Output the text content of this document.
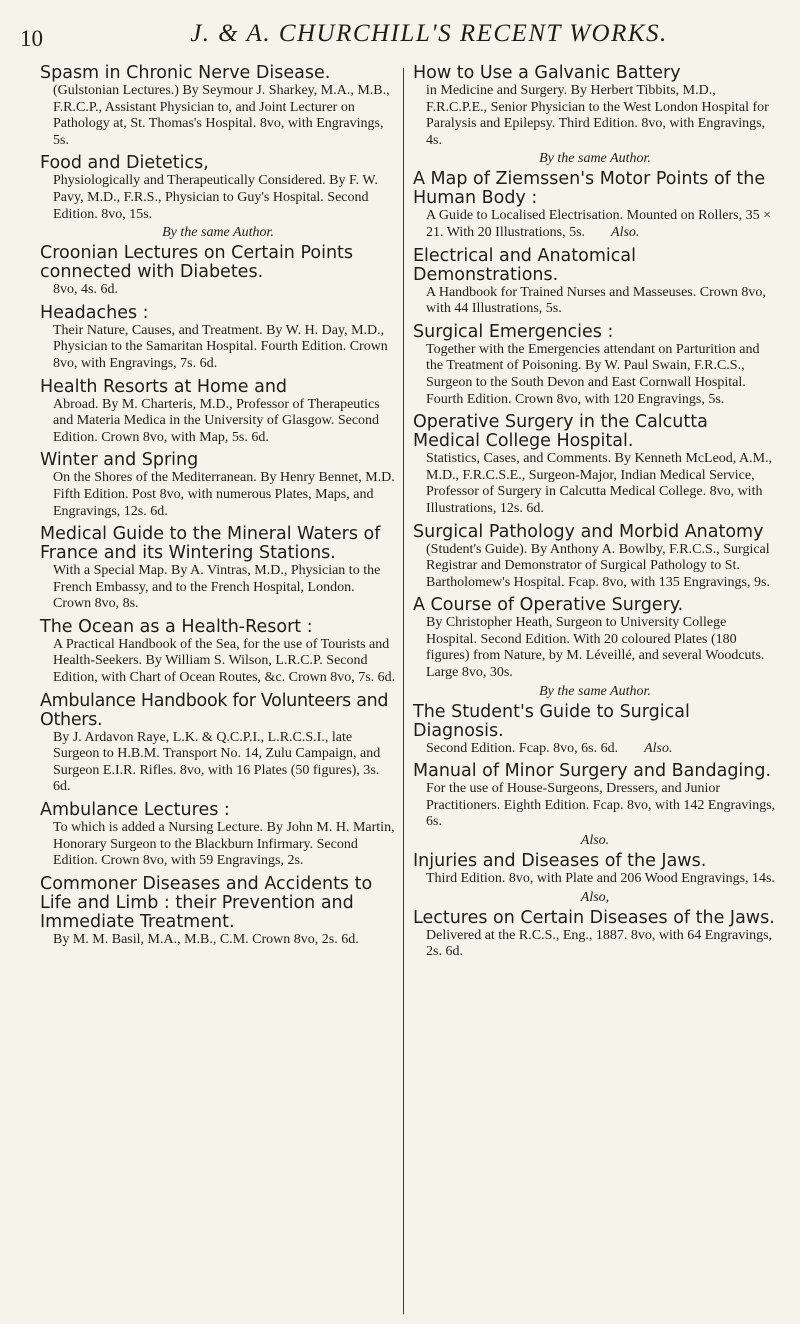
10	J. & A. CHURCHILL'S RECENT WORKS.

Spasm in Chronic Nerve Disease.

(Gulstonian Lectures.) By Seymour J. Sharkey, M.A., M.B., F.R.C.P., Assistant Physician to, and Joint Lecturer on Pathology at, St. Thomas's Hospital. 8vo, with Engravings, 5s.

Food and Dietetics,

Physiologically and Therapeutically Considered. By F. W. Pavy, M.D., F.R.S., Physician to Guy's Hospital. Second Edition. 8vo, 15s.

By the same Author.

Croonian Lectures on Certain Points connected with Diabetes.

8vo, 4s. 6d.

Headaches :

Their Nature, Causes, and Treatment. By W. H. Day, M.D., Physician to the Samaritan Hospital. Fourth Edition. Crown 8vo, with Engravings, 7s. 6d.

Health Resorts at Home and

Abroad. By M. Charteris, M.D., Professor of Therapeutics and Materia Medica in the University of Glasgow. Second Edition. Crown 8vo, with Map, 5s. 6d.

Winter and Spring

On the Shores of the Mediterranean. By Henry Bennet, M.D. Fifth Edition. Post 8vo, with numerous Plates, Maps, and Engravings, 12s. 6d.

Medical Guide to the Mineral Waters of France and its Wintering Stations.

With a Special Map. By A. Vintras, M.D., Physician to the French Embassy, and to the French Hospital, London. Crown 8vo, 8s.

The Ocean as a Health-Resort :

A Practical Handbook of the Sea, for the use of Tourists and Health-Seekers. By William S. Wilson, L.R.C.P. Second Edition, with Chart of Ocean Routes, &c. Crown 8vo, 7s. 6d.

Ambulance Handbook for Volunteers and Others.

By J. Ardavon Raye, L.K. & Q.C.P.I., L.R.C.S.I., late Surgeon to H.B.M. Transport No. 14, Zulu Campaign, and Surgeon E.I.R. Rifles. 8vo, with 16 Plates (50 figures), 3s. 6d.

Ambulance Lectures :

To which is added a Nursing Lecture. By John M. H. Martin, Honorary Surgeon to the Blackburn Infirmary. Second Edition. Crown 8vo, with 59 Engravings, 2s.

Commoner Diseases and Accidents to Life and Limb : their Prevention and Immediate Treatment.

By M. M. Basil, M.A., M.B., C.M. Crown 8vo, 2s. 6d.

How to Use a Galvanic Battery

in Medicine and Surgery. By Herbert Tibbits, M.D., F.R.C.P.E., Senior Physician to the West London Hospital for Paralysis and Epilepsy. Third Edition. 8vo, with Engravings, 4s.

By the same Author.

A Map of Ziemssen's Motor Points of the Human Body :

A Guide to Localised Electrisation. Mounted on Rollers, 35 × 21. With 20 Illustrations, 5s. Also.

Electrical and Anatomical Demonstrations.

A Handbook for Trained Nurses and Masseuses. Crown 8vo, with 44 Illustrations, 5s.

Surgical Emergencies :

Together with the Emergencies attendant on Parturition and the Treatment of Poisoning. By W. Paul Swain, F.R.C.S., Surgeon to the South Devon and East Cornwall Hospital. Fourth Edition. Crown 8vo, with 120 Engravings, 5s.

Operative Surgery in the Calcutta Medical College Hospital.

Statistics, Cases, and Comments. By Kenneth McLeod, A.M., M.D., F.R.C.S.E., Surgeon-Major, Indian Medical Service, Professor of Surgery in Calcutta Medical College. 8vo, with Illustrations, 12s. 6d.

Surgical Pathology and Morbid Anatomy

(Student's Guide). By Anthony A. Bowlby, F.R.C.S., Surgical Registrar and Demonstrator of Surgical Pathology to St. Bartholomew's Hospital. Fcap. 8vo, with 135 Engravings, 9s.

A Course of Operative Surgery.

By Christopher Heath, Surgeon to University College Hospital. Second Edition. With 20 coloured Plates (180 figures) from Nature, by M. Léveillé, and several Woodcuts. Large 8vo, 30s.

By the same Author.

The Student's Guide to Surgical Diagnosis.

Second Edition. Fcap. 8vo, 6s. 6d. Also.

Manual of Minor Surgery and Bandaging.

For the use of House-Surgeons, Dressers, and Junior Practitioners. Eighth Edition. Fcap. 8vo, with 142 Engravings, 6s.

Also.

Injuries and Diseases of the Jaws.

Third Edition. 8vo, with Plate and 206 Wood Engravings, 14s.

Also,

Lectures on Certain Diseases of the Jaws.

Delivered at the R.C.S., Eng., 1887. 8vo, with 64 Engravings, 2s. 6d.
